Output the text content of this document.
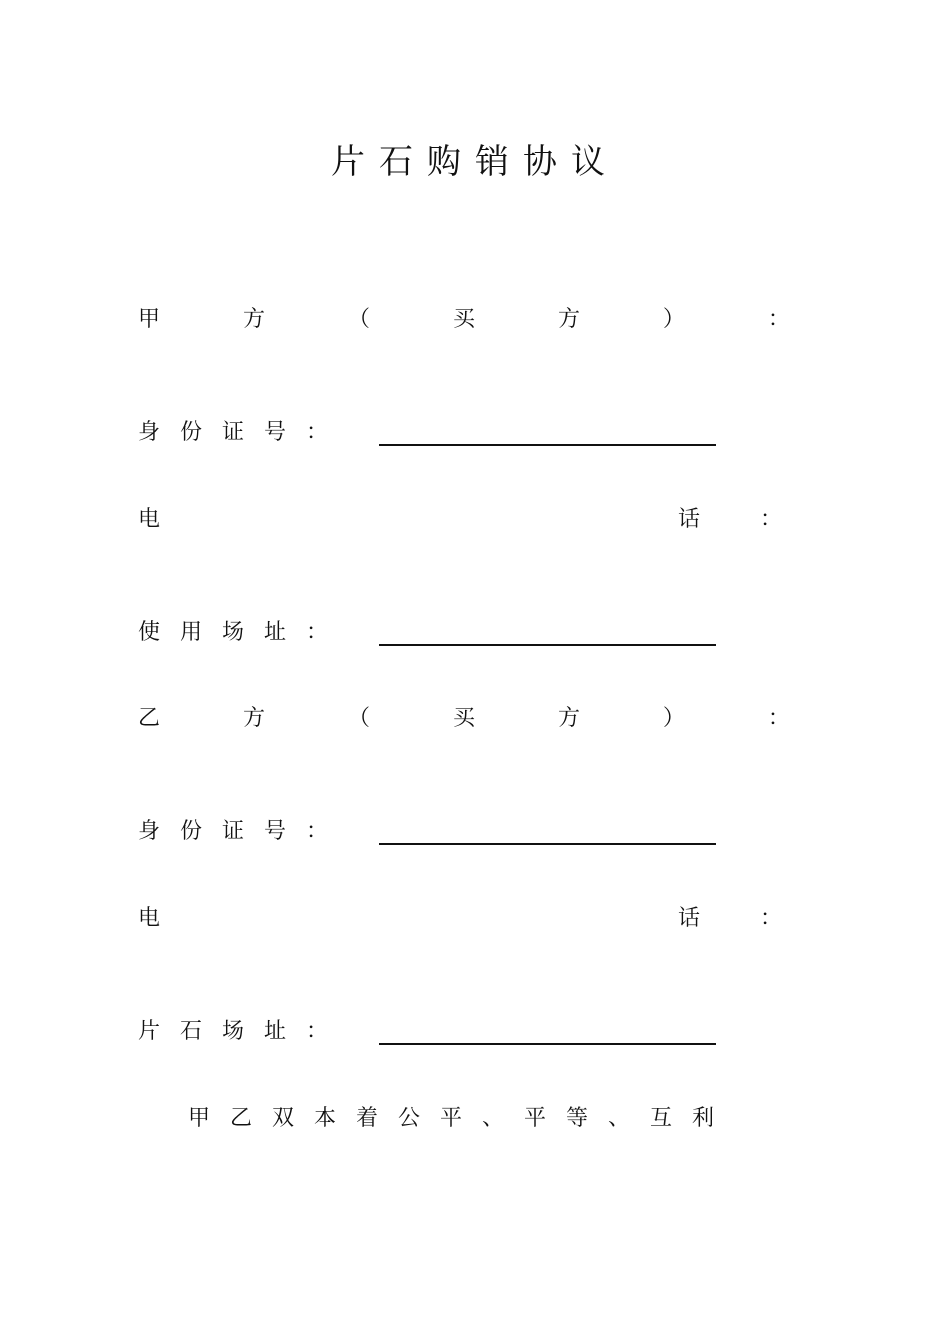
片石购销协议
甲	方	（	买	方	）	：
身份证号：
电	话	：
使用场址：
乙	方	（	买	方	）	：
身份证号：
电	话	：
片石场址：
甲乙双本着公平、平等、互利
